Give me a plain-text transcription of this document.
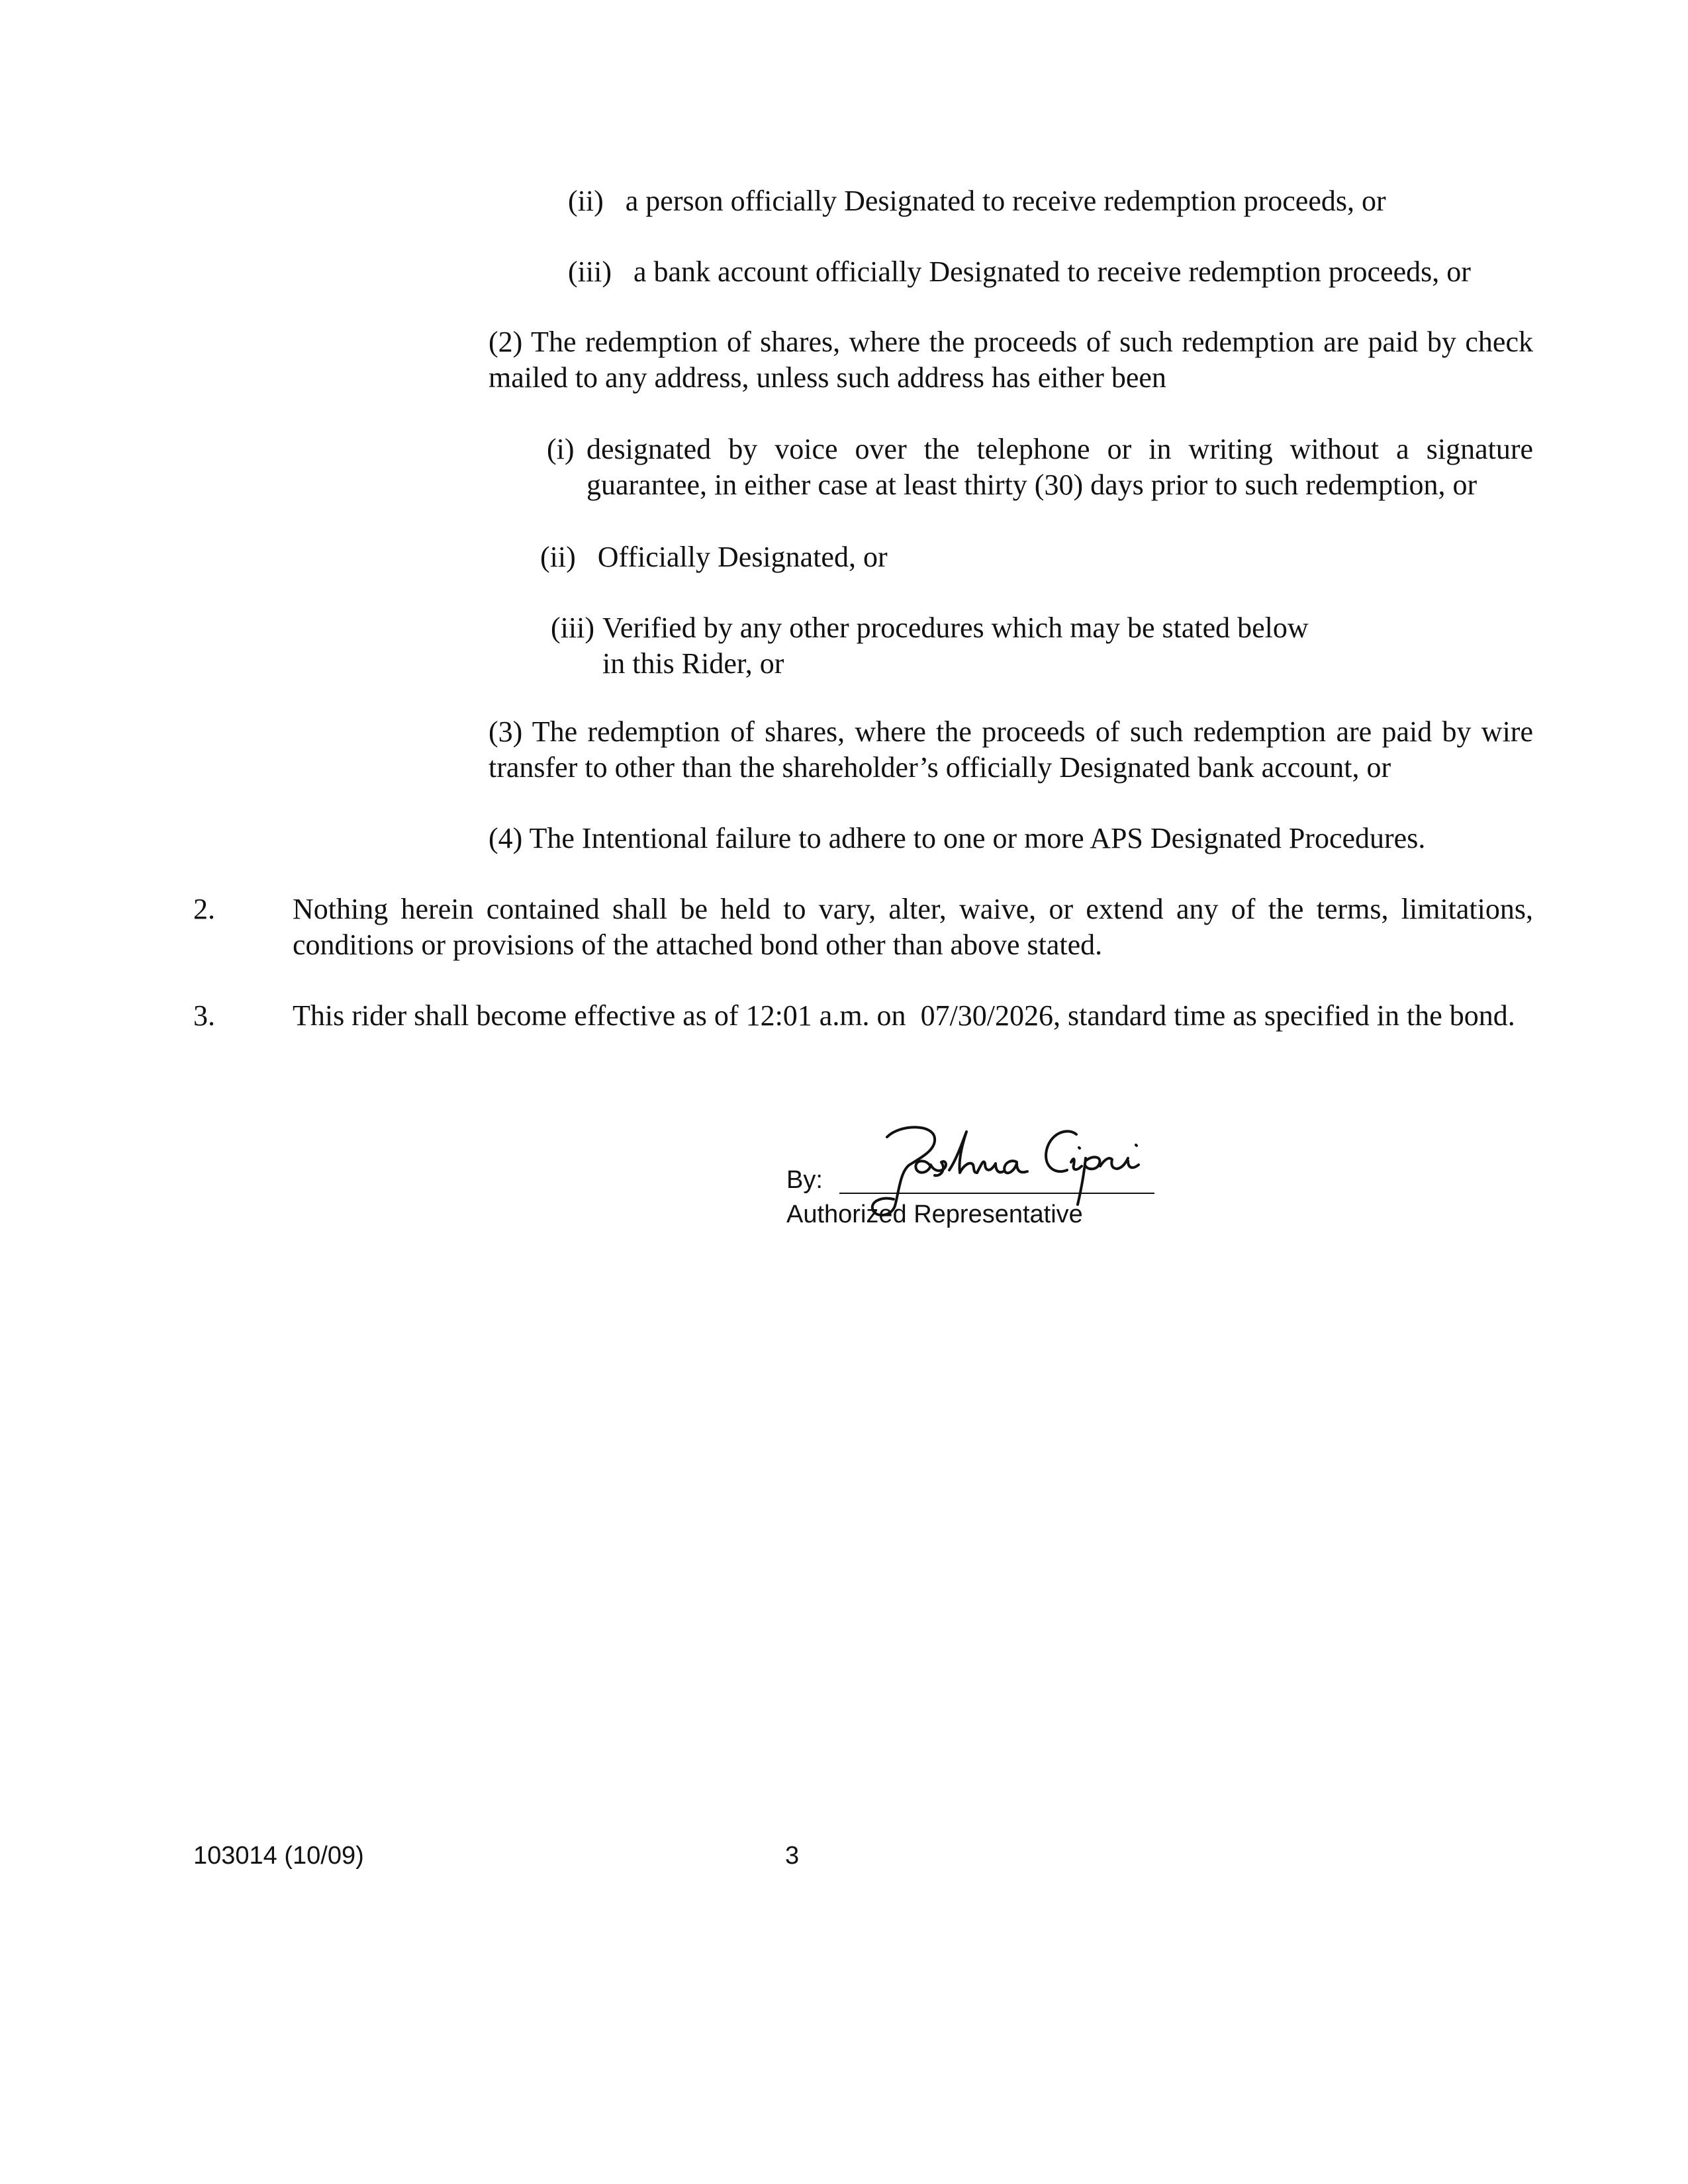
(ii) a person officially Designated to receive redemption proceeds, or
(iii) a bank account officially Designated to receive redemption proceeds, or

(2) The redemption of shares, where the proceeds of such redemption are paid by check mailed to any address, unless such address has either been

(i) designated by voice over the telephone or in writing without a signature guarantee, in either case at least thirty (30) days prior to such redemption, or

(ii) Officially Designated, or
(iii) Verified by any other procedures which may be stated below in this Rider, or

(3) The redemption of shares, where the proceeds of such redemption are paid by wire transfer to other than the shareholder’s officially Designated bank account, or

(4) The Intentional failure to adhere to one or more APS Designated Procedures.

2.	Nothing herein contained shall be held to vary, alter, waive, or extend any of the terms, limitations, conditions or provisions of the attached bond other than above stated.

3.	This rider shall become effective as of 12:01 a.m. on  07/30/2026, standard time as specified in the bond.

By:
Authorized Representative
103014 (10/09)	3
